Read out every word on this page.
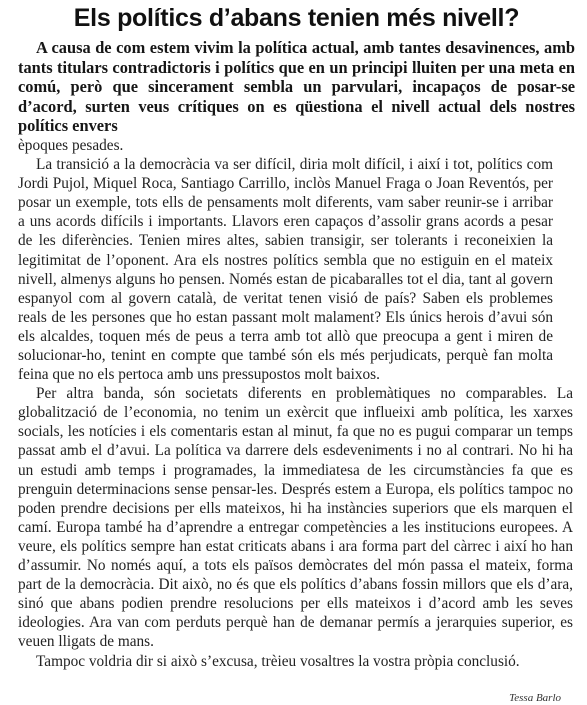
Els polítics d’abans tenien més nivell?

A causa de com estem vivim la política actual, amb tantes desavinences, amb tants titulars contradictoris i polítics que en un principi lluiten per una meta en comú, però que sincerament sembla un parvulari, incapaços de posar-se d’acord, surten veus crítiques on es qüestiona el nivell actual dels nostres polítics envers

èpoques pesades.

La transició a la democràcia va ser difícil, diria molt difícil, i així i tot, polítics com Jordi Pujol, Miquel Roca, Santiago Carrillo, inclòs Manuel Fraga o Joan Reventós, per posar un exemple, tots ells de pensaments molt diferents, vam saber reunir-se i arribar a uns acords difícils i importants. Llavors eren capaços d’assolir grans acords a pesar de les diferències. Tenien mires altes, sabien transigir, ser tolerants i reconeixien la legitimitat de l’oponent. Ara els nostres polítics sembla que no estiguin en el mateix nivell, almenys alguns ho pensen. Només estan de picabaralles tot el dia, tant al govern espanyol com al govern català, de veritat tenen visió de país? Saben els problemes reals de les persones que ho estan passant molt malament? Els únics herois d’avui són els alcaldes, toquen més de peus a terra amb tot allò que preocupa a gent i miren de solucionar-ho, tenint en compte que també són els més perjudicats, perquè fan molta feina que no els pertoca amb uns pressupostos molt baixos.

Per altra banda, són societats diferents en problemàtiques no comparables. La globalització de l’economia, no tenim un exèrcit que influeixi amb política, les xarxes socials, les notícies i els comentaris estan al minut, fa que no es pugui comparar un temps passat amb el d’avui. La política va darrere dels esdeveniments i no al contrari. No hi ha un estudi amb temps i programades, la immediatesa de les circumstàncies fa que es prenguin determinacions sense pensar-les. Després estem a Europa, els polítics tampoc no poden prendre decisions per ells mateixos, hi ha instàncies superiors que els marquen el camí. Europa també ha d’aprendre a entregar competències a les institucions europees. A veure, els polítics sempre han estat criticats abans i ara forma part del càrrec i així ho han d’assumir. No només aquí, a tots els països demòcrates del món passa el mateix, forma part de la democràcia. Dit això, no és que els polítics d’abans fossin millors que els d’ara, sinó que abans podien prendre resolucions per ells mateixos i d’acord amb les seves ideologies. Ara van com perduts perquè han de demanar permís a jerarquies superior, es veuen lligats de mans.

Tampoc voldria dir si això s’excusa, trèieu vosaltres la vostra pròpia conclusió.

Tessa Barlo
